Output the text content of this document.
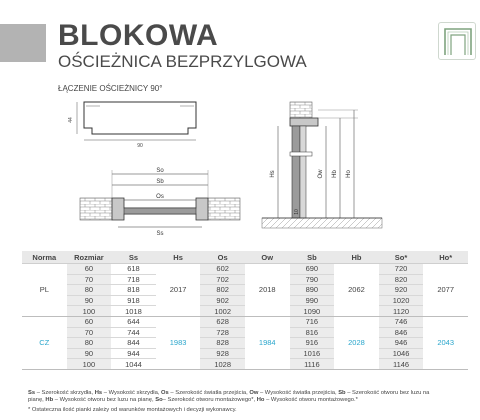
BLOKOWA
OŚCIEŻNICA BEZPRZYLGOWA
ŁĄCZENIE OŚCIEŻNICY 90°
44
90
So
Sb
Os
Ss
Hs	Ow Hb Ho
10
Norma	Rozmiar	Ss	Hs	Os	Ow	Sb	Hb	So*	Ho*
PL	60	618	2017	602	2018	690	2062	720	2077
	70	718		702		790		820	
	80	818		802		890		920	
	90	918		902		990		1020	
	100	1018		1002		1090		1120	
CZ	60	644	1983	628	1984	716	2028	746	2043
	70	744		728		816		846	
	80	844		828		916		946	
	90	944		928		1016		1046	
	100	1044		1028		1116		1146	
Ss – Szerokość skrzydła, Hs – Wysokość skrzydła, Os – Szerokość światła przejścia, Ow – Wysokość światła przejścia, Sb – Szerokość otworu bez luzu na
pianę, Hb – Wysokość otworu bez luzu na pianę, So– Szerokość otworu montażowego*, Ho – Wysokość otworu montażowego.*
* Ostateczna ilość pianki zależy od warunków montażowych i decyzji wykonawcy.
